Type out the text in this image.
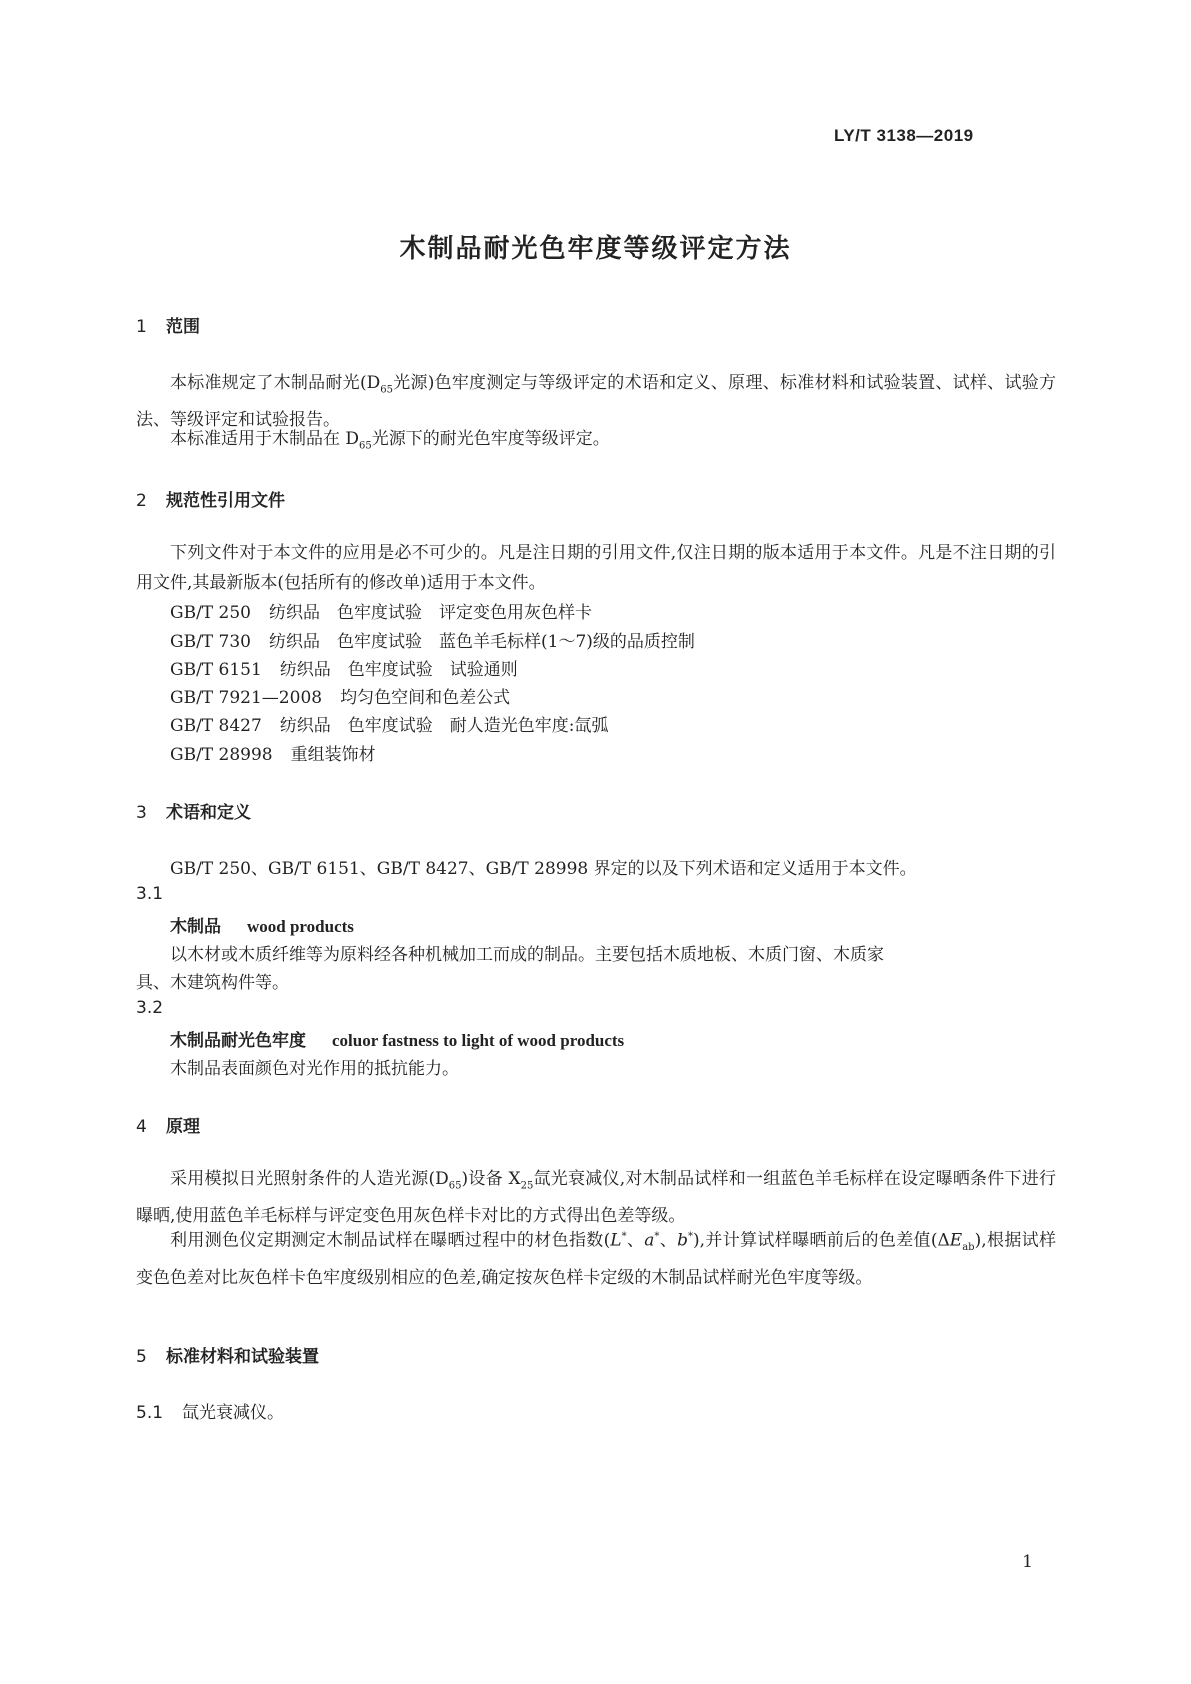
LY/T 3138—2019
木制品耐光色牢度等级评定方法
1 范围
本标准规定了木制品耐光($D_{65}$光源)色牢度测定与等级评定的术语和定义、原理、标准材料和试验装置、试样、试验方法、等级评定和试验报告。
本标准适用于木制品在 $D_{65}$光源下的耐光色牢度等级评定。
2 规范性引用文件
下列文件对于本文件的应用是必不可少的。凡是注日期的引用文件,仅注日期的版本适用于本文件。凡是不注日期的引用文件,其最新版本(包括所有的修改单)适用于本文件。
GB/T 250 纺织品　色牢度试验　评定变色用灰色样卡
GB/T 730 纺织品　色牢度试验　蓝色羊毛标样(1～7)级的品质控制
GB/T 6151 纺织品　色牢度试验　试验通则
GB/T 7921—2008 均匀色空间和色差公式
GB/T 8427 纺织品　色牢度试验　耐人造光色牢度:氙弧
GB/T 28998 重组装饰材
3 术语和定义
GB/T 250、GB/T 6151、GB/T 8427、GB/T 28998 界定的以及下列术语和定义适用于本文件。
3.1
木制品 wood products
以木材或木质纤维等为原料经各种机械加工而成的制品。主要包括木质地板、木质门窗、木质家
具、木建筑构件等。
3.2
木制品耐光色牢度 coluor fastness to light of wood products
木制品表面颜色对光作用的抵抗能力。
4 原理
采用模拟日光照射条件的人造光源$(D_{65})$设备 $X_{25}$氙光衰减仪,对木制品试样和一组蓝色羊毛标样在设定曝晒条件下进行曝晒,使用蓝色羊毛标样与评定变色用灰色样卡对比的方式得出色差等级。
利用测色仪定期测定木制品试样在曝晒过程中的材色指数(L*、a*、b*),并计算试样曝晒前后的色差值$(\Delta E_{ab})$,根据试样变色色差对比灰色样卡色牢度级别相应的色差,确定按灰色样卡定级的木制品试样耐光色牢度等级。
5 标准材料和试验装置
5.1 氙光衰减仪。
1
